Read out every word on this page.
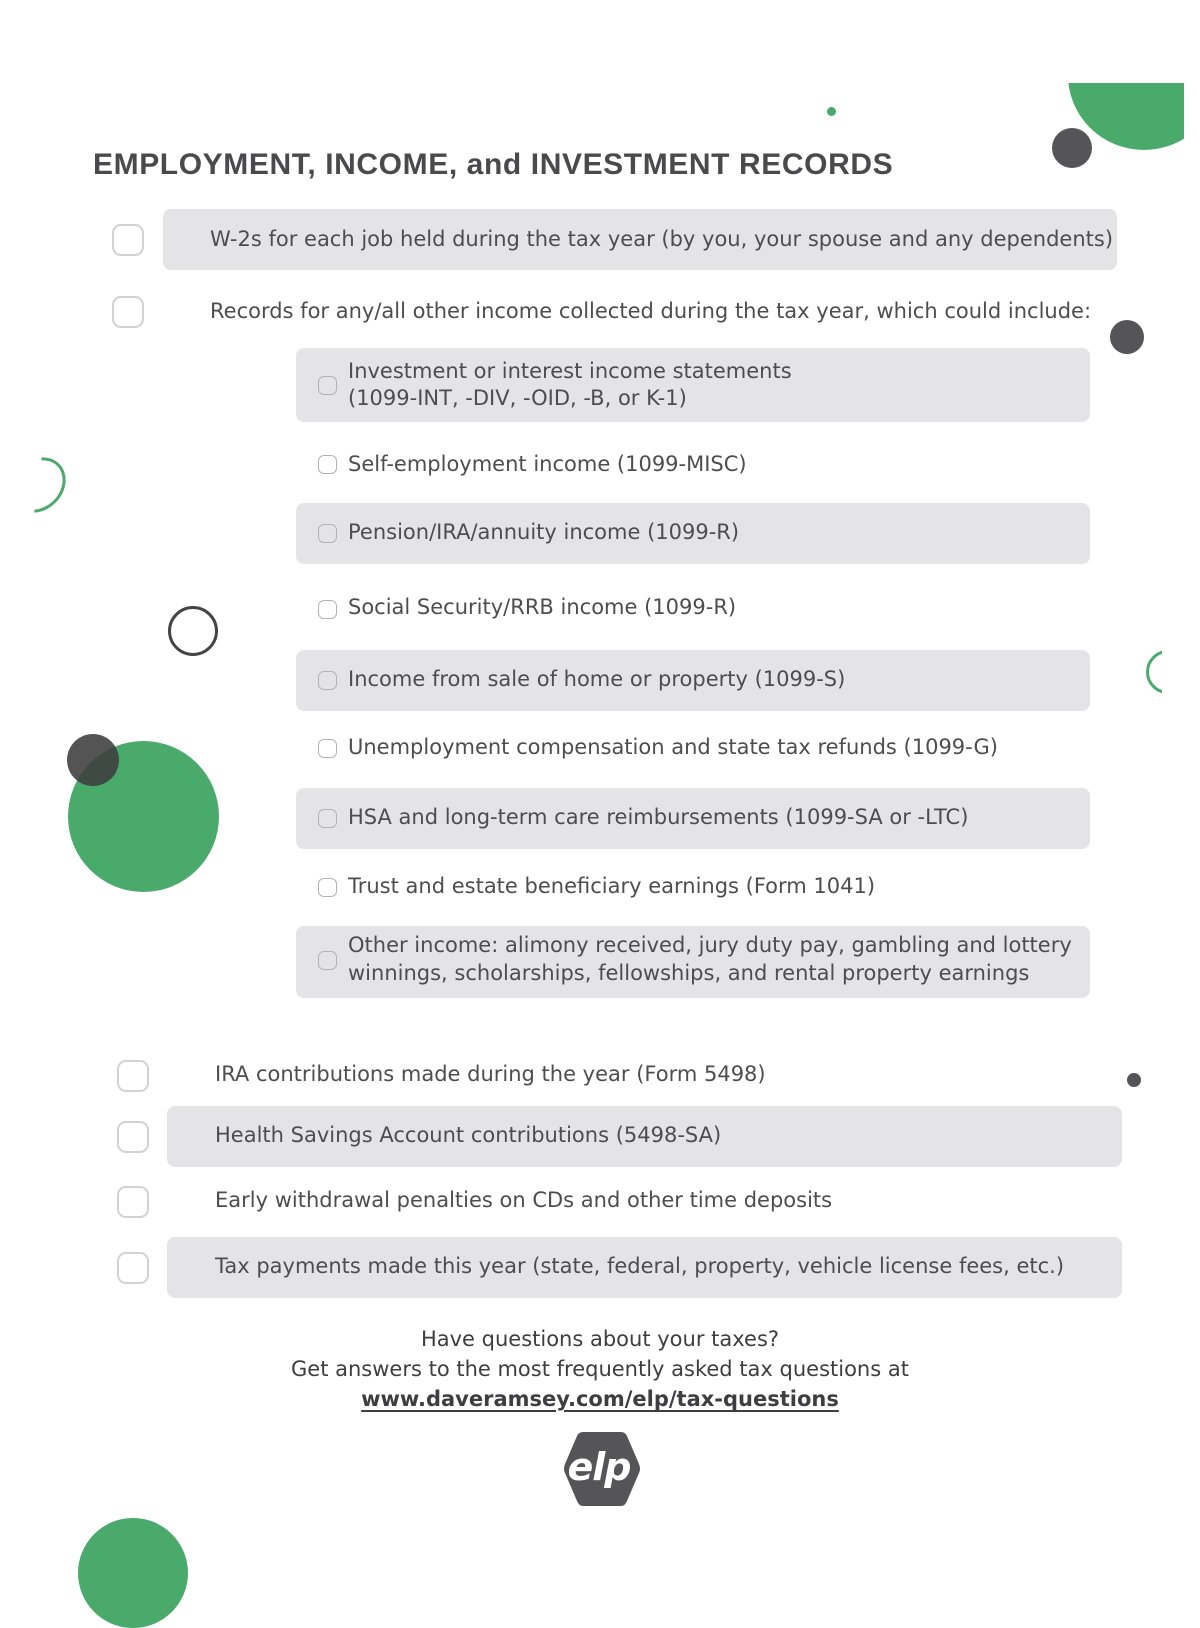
EMPLOYMENT, INCOME, and INVESTMENT RECORDS
W-2s for each job held during the tax year (by you, your spouse and any dependents)
Records for any/all other income collected during the tax year, which could include:
Investment or interest income statements
(1099-INT, -DIV, -OID, -B, or K-1)
Self-employment income (1099-MISC)
Pension/IRA/annuity income (1099-R)
Social Security/RRB income (1099-R)
Income from sale of home or property (1099-S)
Unemployment compensation and state tax refunds (1099-G)
HSA and long-term care reimbursements (1099-SA or -LTC)
Trust and estate beneficiary earnings (Form 1041)
Other income: alimony received, jury duty pay, gambling and lottery
winnings, scholarships, fellowships, and rental property earnings
IRA contributions made during the year (Form 5498)
Health Savings Account contributions (5498-SA)
Early withdrawal penalties on CDs and other time deposits
Tax payments made this year (state, federal, property, vehicle license fees, etc.)
Have questions about your taxes?
Get answers to the most frequently asked tax questions at
www.daveramsey.com/elp/tax-questions
elp
